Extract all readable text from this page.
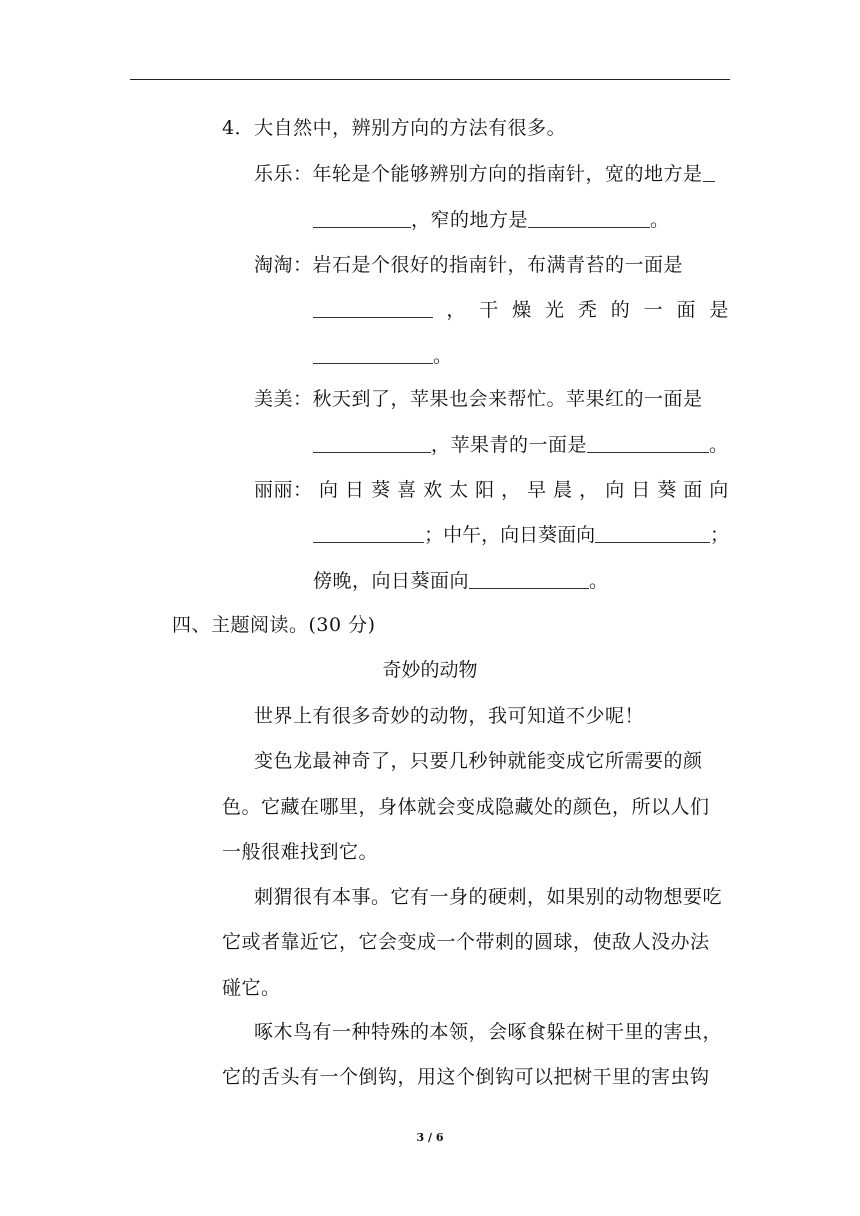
4．大自然中，辨别方向的方法有很多。
乐乐：年轮是个能够辨别方向的指南针，宽的地方是
，窄的地方是	。
淘淘：岩石是个很好的指南针，布满青苔的一面是
， 干 燥 光 秃 的 一 面 是
。
美美：秋天到了，苹果也会来帮忙。苹果红的一面是
，苹果青的一面是	。
丽丽： 向 日 葵 喜 欢 太 阳 ， 早 晨 ， 向 日 葵 面 向
；中午，向日葵面向	；
傍晚，向日葵面向	。
四、主题阅读。(30 分)
奇妙的动物
世界上有很多奇妙的动物，我可知道不少呢！
变色龙最神奇了，只要几秒钟就能变成它所需要的颜
色。它藏在哪里，身体就会变成隐藏处的颜色，所以人们
一般很难找到它。
刺猬很有本事。它有一身的硬刺，如果别的动物想要吃
它或者靠近它，它会变成一个带刺的圆球，使敌人没办法
碰它。
啄木鸟有一种特殊的本领，会啄食躲在树干里的害虫，
它的舌头有一个倒钩，用这个倒钩可以把树干里的害虫钩
3 / 6
